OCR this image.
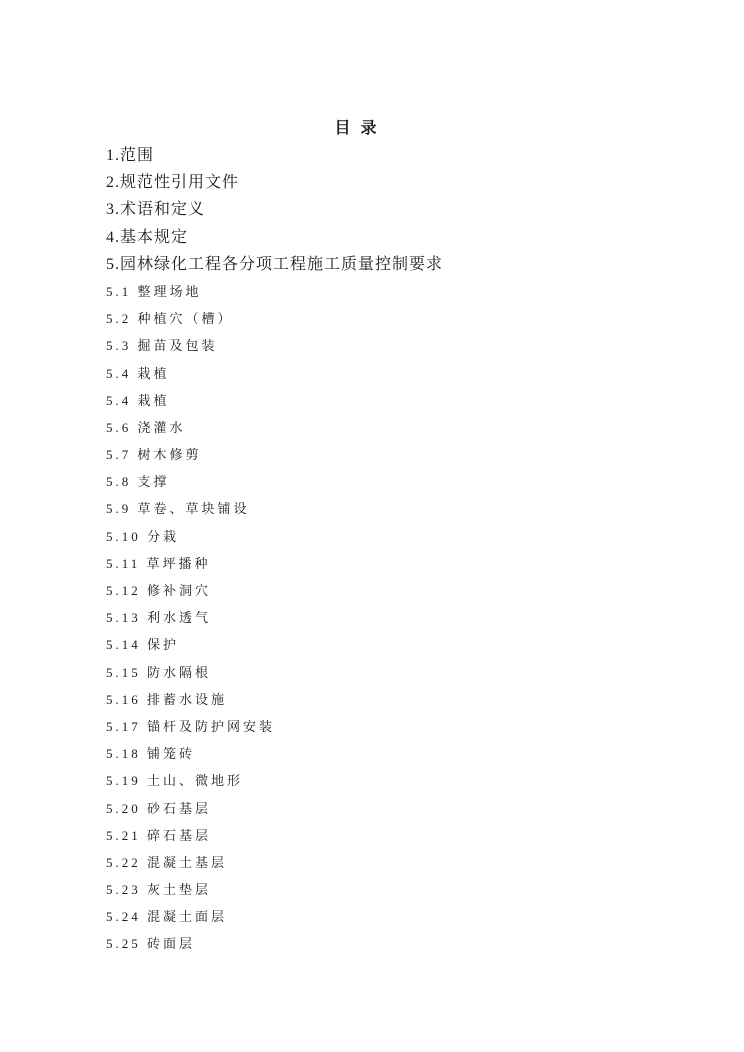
目 录
1.范围
2.规范性引用文件
3.术语和定义
4.基本规定
5.园林绿化工程各分项工程施工质量控制要求
5.1 整理场地
5.2 种植穴（槽）
5.3 掘苗及包装
5.4 栽植
5.4 栽植
5.6 浇灌水
5.7 树木修剪
5.8 支撑
5.9 草卷、草块铺设
5.10 分栽
5.11 草坪播种
5.12 修补洞穴
5.13 利水透气
5.14 保护
5.15 防水隔根
5.16 排蓄水设施
5.17 锚杆及防护网安装
5.18 铺笼砖
5.19 土山、微地形
5.20 砂石基层
5.21 碎石基层
5.22 混凝土基层
5.23 灰土垫层
5.24 混凝土面层
5.25 砖面层
